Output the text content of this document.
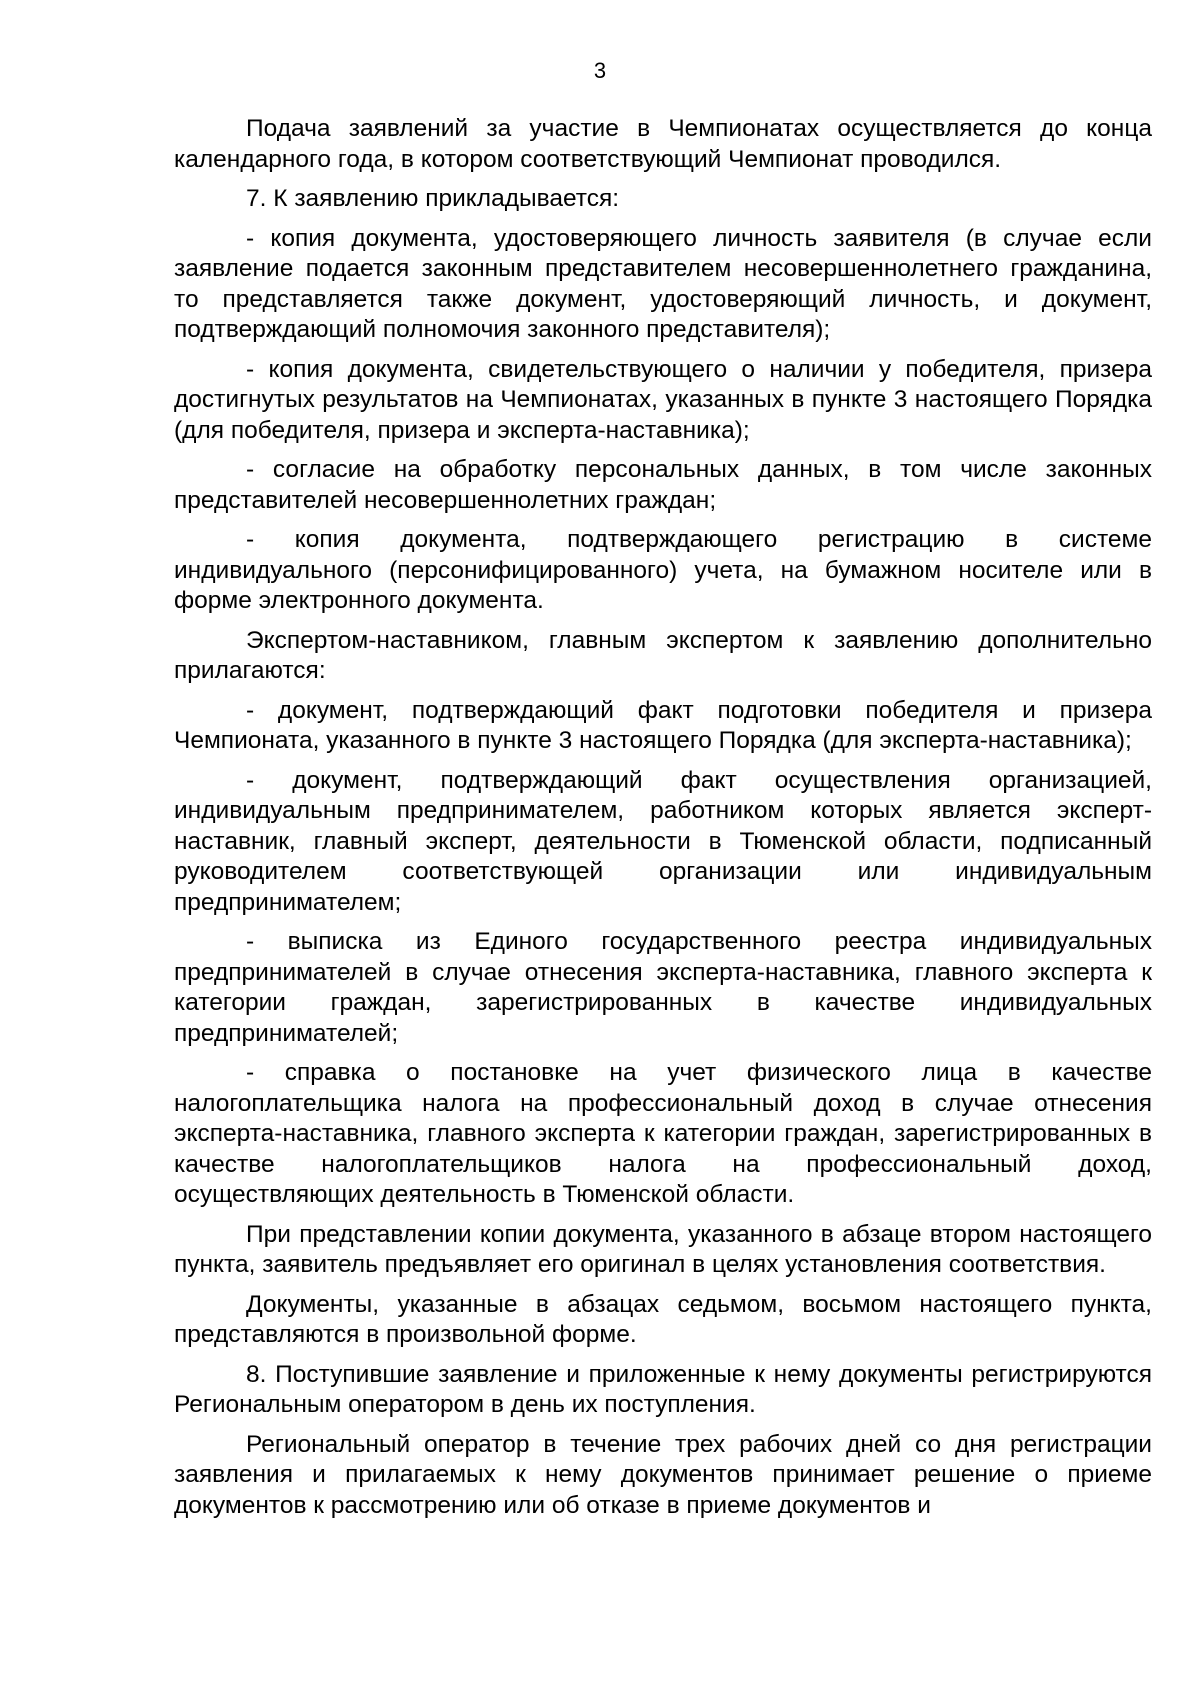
3

Подача заявлений за участие в Чемпионатах осуществляется до конца календарного года, в котором соответствующий Чемпионат проводился.

7. К заявлению прикладывается:

- копия документа, удостоверяющего личность заявителя (в случае если заявление подается законным представителем несовершеннолетнего гражданина, то представляется также документ, удостоверяющий личность, и документ, подтверждающий полномочия законного представителя);

- копия документа, свидетельствующего о наличии у победителя, призера достигнутых результатов на Чемпионатах, указанных в пункте 3 настоящего Порядка (для победителя, призера и эксперта-наставника);

- согласие на обработку персональных данных, в том числе законных представителей несовершеннолетних граждан;

- копия документа, подтверждающего регистрацию в системе индивидуального (персонифицированного) учета, на бумажном носителе или в форме электронного документа.

Экспертом-наставником, главным экспертом к заявлению дополнительно прилагаются:

- документ, подтверждающий факт подготовки победителя и призера Чемпионата, указанного в пункте 3 настоящего Порядка (для эксперта-наставника);

- документ, подтверждающий факт осуществления организацией, индивидуальным предпринимателем, работником которых является эксперт-наставник, главный эксперт, деятельности в Тюменской области, подписанный руководителем соответствующей организации или индивидуальным предпринимателем;

- выписка из Единого государственного реестра индивидуальных предпринимателей в случае отнесения эксперта-наставника, главного эксперта к категории граждан, зарегистрированных в качестве индивидуальных предпринимателей;

- справка о постановке на учет физического лица в качестве налогоплательщика налога на профессиональный доход в случае отнесения эксперта-наставника, главного эксперта к категории граждан, зарегистрированных в качестве налогоплательщиков налога на профессиональный доход, осуществляющих деятельность в Тюменской области.

При представлении копии документа, указанного в абзаце втором настоящего пункта, заявитель предъявляет его оригинал в целях установления соответствия.

Документы, указанные в абзацах седьмом, восьмом настоящего пункта, представляются в произвольной форме.

8. Поступившие заявление и приложенные к нему документы регистрируются Региональным оператором в день их поступления.

Региональный оператор в течение трех рабочих дней со дня регистрации заявления и прилагаемых к нему документов принимает решение о приеме документов к рассмотрению или об отказе в приеме документов и
